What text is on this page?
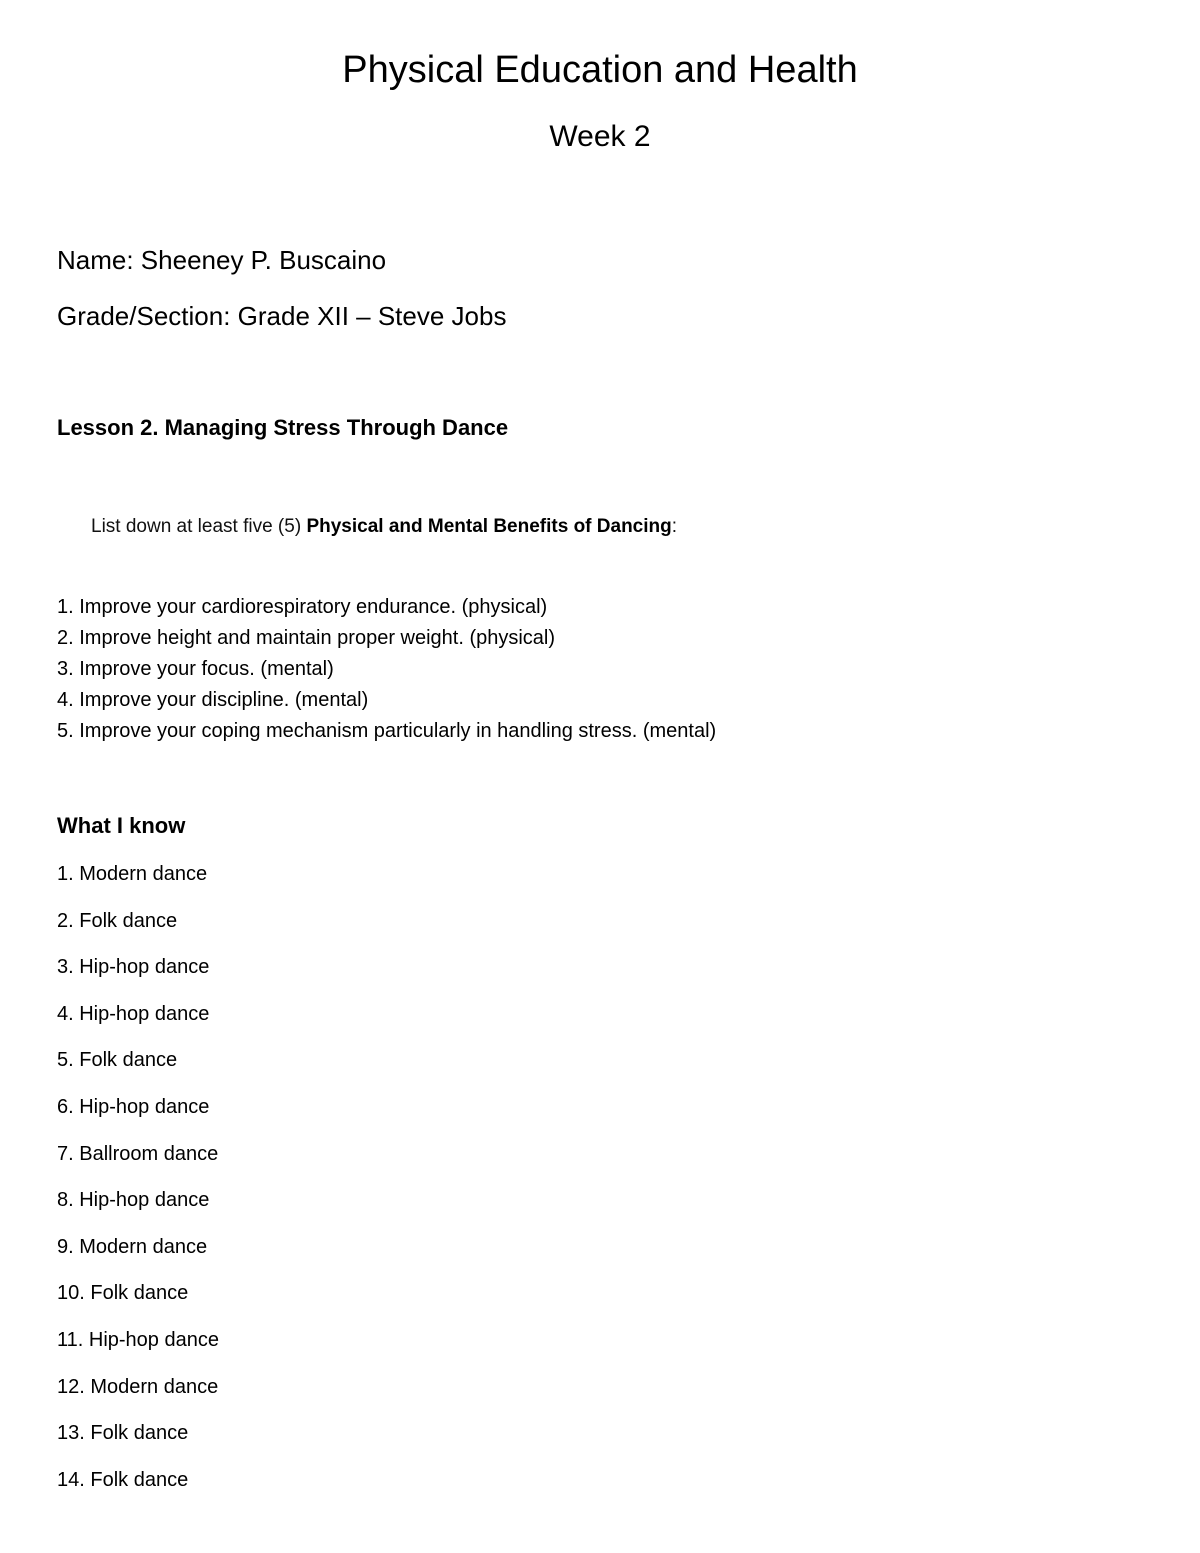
Physical Education and Health
Week 2
Name: Sheeney P. Buscaino
Grade/Section: Grade XII – Steve Jobs
Lesson 2. Managing Stress Through Dance
List down at least five (5) Physical and Mental Benefits of Dancing:
1. Improve your cardiorespiratory endurance. (physical)
2. Improve height and maintain proper weight. (physical)
3. Improve your focus. (mental)
4. Improve your discipline. (mental)
5. Improve your coping mechanism particularly in handling stress. (mental)
What I know
1. Modern dance
2. Folk dance
3. Hip-hop dance
4. Hip-hop dance
5. Folk dance
6. Hip-hop dance
7. Ballroom dance
8. Hip-hop dance
9. Modern dance
10. Folk dance
11. Hip-hop dance
12. Modern dance
13. Folk dance
14. Folk dance
